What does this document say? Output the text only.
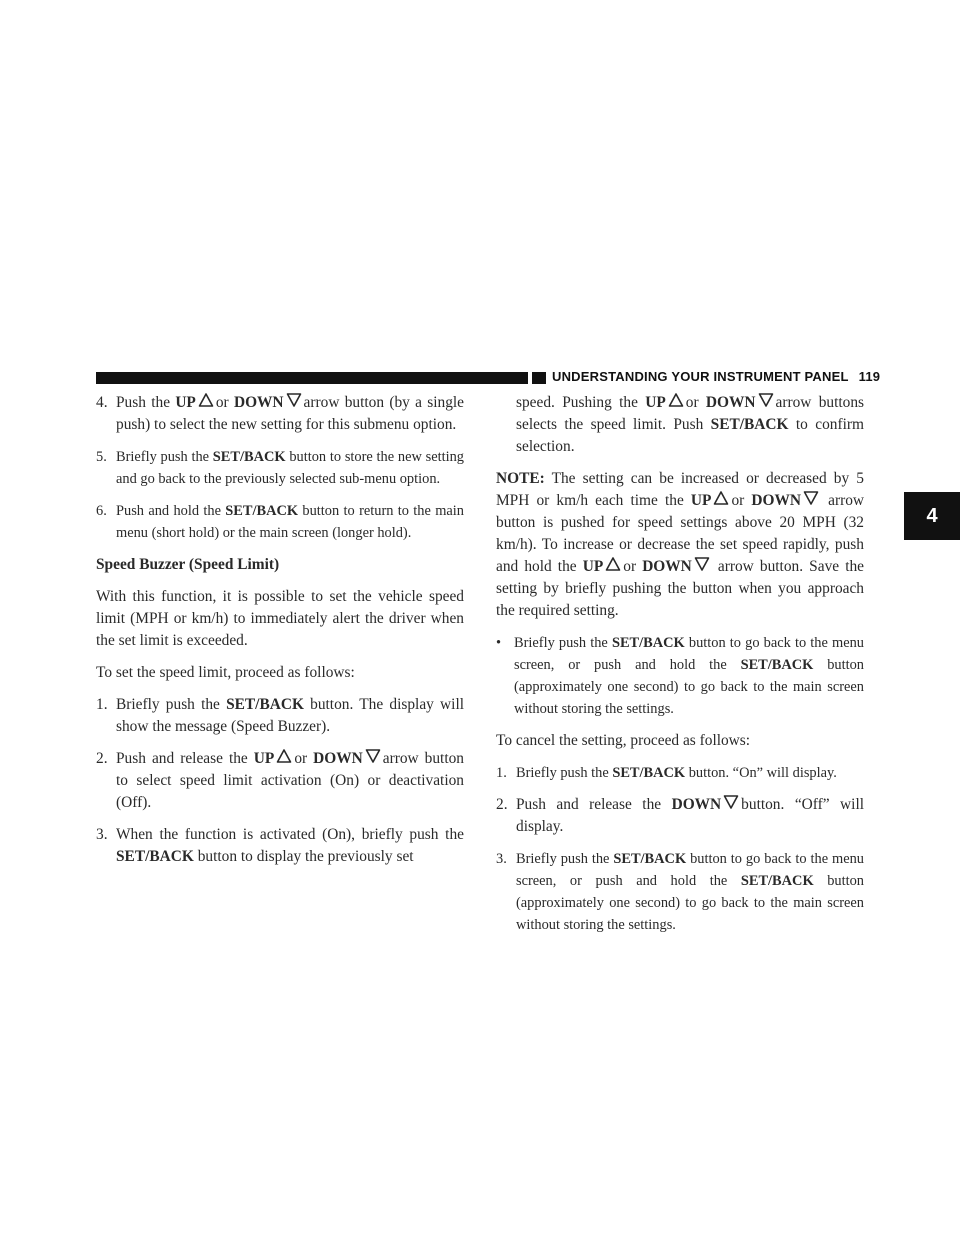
UNDERSTANDING YOUR INSTRUMENT PANEL 119
4
4. Push the UP or DOWN arrow button (by a single push) to select the new setting for this submenu option.
5. Briefly push the SET/BACK button to store the new setting and go back to the previously selected sub-menu option.
6. Push and hold the SET/BACK button to return to the main menu (short hold) or the main screen (longer hold).

Speed Buzzer (Speed Limit)

With this function, it is possible to set the vehicle speed limit (MPH or km/h) to immediately alert the driver when the set limit is exceeded.

To set the speed limit, proceed as follows:

1. Briefly push the SET/BACK button. The display will show the message (Speed Buzzer).
2. Push and release the UP or DOWN arrow button to select speed limit activation (On) or deactivation (Off).
3. When the function is activated (On), briefly push the SET/BACK button to display the previously set

speed. Pushing the UP or DOWN arrow buttons selects the speed limit. Push SET/BACK to confirm selection.

NOTE: The setting can be increased or decreased by 5 MPH or km/h each time the UP or DOWN
arrow button is pushed for speed settings above 20 MPH (32 km/h). To increase or decrease the set speed rapidly, push and hold the UP or DOWN
arrow button. Save the setting by briefly pushing the button when you approach the required setting.

• Briefly push the SET/BACK button to go back to the menu screen, or push and hold the SET/BACK button (approximately one second) to go back to the main screen without storing the settings.

To cancel the setting, proceed as follows:

1. Briefly push the SET/BACK button. “On” will display.
2. Push and release the DOWN button. “Off” will display.
3. Briefly push the SET/BACK button to go back to the menu screen, or push and hold the SET/BACK button (approximately one second) to go back to the main screen without storing the settings.
